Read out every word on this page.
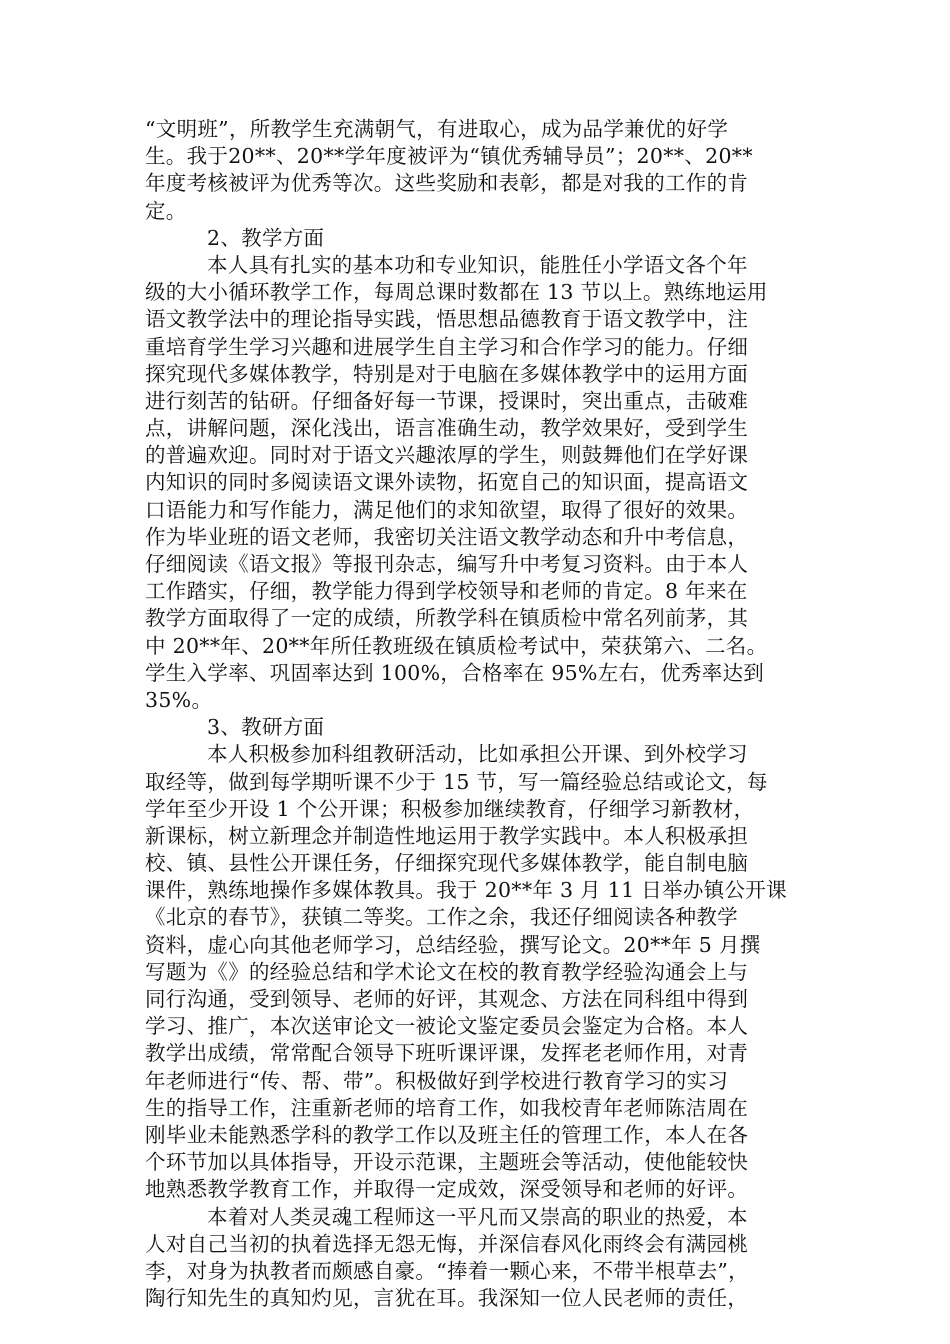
“文明班”，所教学生充满朝气，有进取心，成为品学兼优的好学
生。我于20**、20**学年度被评为“镇优秀辅导员”；20**、20**
年度考核被评为优秀等次。这些奖励和表彰，都是对我的工作的肯
定。
2、教学方面
本人具有扎实的基本功和专业知识，能胜任小学语文各个年
级的大小循环教学工作，每周总课时数都在 13 节以上。熟练地运用
语文教学法中的理论指导实践，悟思想品德教育于语文教学中，注
重培育学生学习兴趣和进展学生自主学习和合作学习的能力。仔细
探究现代多媒体教学，特别是对于电脑在多媒体教学中的运用方面
进行刻苦的钻研。仔细备好每一节课，授课时，突出重点，击破难
点，讲解问题，深化浅出，语言准确生动，教学效果好，受到学生
的普遍欢迎。同时对于语文兴趣浓厚的学生，则鼓舞他们在学好课
内知识的同时多阅读语文课外读物，拓宽自己的知识面，提高语文
口语能力和写作能力，满足他们的求知欲望，取得了很好的效果。
作为毕业班的语文老师，我密切关注语文教学动态和升中考信息，
仔细阅读《语文报》等报刊杂志，编写升中考复习资料。由于本人
工作踏实，仔细，教学能力得到学校领导和老师的肯定。8 年来在
教学方面取得了一定的成绩，所教学科在镇质检中常名列前茅，其
中 20**年、20**年所任教班级在镇质检考试中，荣获第六、二名。
学生入学率、巩固率达到 100%，合格率在 95%左右，优秀率达到
35%。
3、教研方面
本人积极参加科组教研活动，比如承担公开课、到外校学习
取经等，做到每学期听课不少于 15 节，写一篇经验总结或论文，每
学年至少开设 1 个公开课；积极参加继续教育，仔细学习新教材，
新课标，树立新理念并制造性地运用于教学实践中。本人积极承担
校、镇、县性公开课任务，仔细探究现代多媒体教学，能自制电脑
课件，熟练地操作多媒体教具。我于 20**年 3 月 11 日举办镇公开课
《北京的春节》，获镇二等奖。工作之余，我还仔细阅读各种教学
资料，虚心向其他老师学习，总结经验，撰写论文。20**年 5 月撰
写题为《》的经验总结和学术论文在校的教育教学经验沟通会上与
同行沟通，受到领导、老师的好评，其观念、方法在同科组中得到
学习、推广，本次送审论文一被论文鉴定委员会鉴定为合格。本人
教学出成绩，常常配合领导下班听课评课，发挥老老师作用，对青
年老师进行“传、帮、带”。积极做好到学校进行教育学习的实习
生的指导工作，注重新老师的培育工作，如我校青年老师陈洁周在
刚毕业未能熟悉学科的教学工作以及班主任的管理工作，本人在各
个环节加以具体指导，开设示范课，主题班会等活动，使他能较快
地熟悉教学教育工作，并取得一定成效，深受领导和老师的好评。
本着对人类灵魂工程师这一平凡而又崇高的职业的热爱，本
人对自己当初的执着选择无怨无悔，并深信春风化雨终会有满园桃
李，对身为执教者而颇感自豪。“捧着一颗心来，不带半根草去”，
陶行知先生的真知灼见，言犹在耳。我深知一位人民老师的责任，
